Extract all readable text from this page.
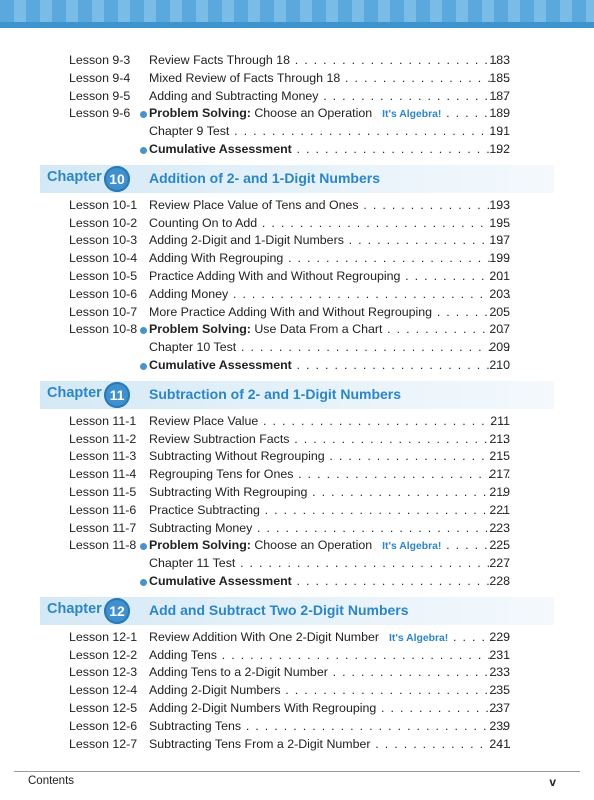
Lesson 9-3 Review Facts Through 18 . . .	183
Lesson 9-4 Mixed Review of Facts Through 18 . . .	185
Lesson 9-5 Adding and Subtracting Money . . .	187
Lesson 9-6 Problem Solving: Choose an Operation It's Algebra! . . .	189
Chapter 9 Test . . .	191
Cumulative Assessment . . .	192
Chapter 10	Addition of 2- and 1-Digit Numbers
Lesson 10-1 Review Place Value of Tens and Ones . . .	193
Lesson 10-2 Counting On to Add . . .	195
Lesson 10-3 Adding 2-Digit and 1-Digit Numbers . . .	197
Lesson 10-4 Adding With Regrouping . . .	199
Lesson 10-5 Practice Adding With and Without Regrouping . . .	201
Lesson 10-6 Adding Money . . .	203
Lesson 10-7 More Practice Adding With and Without Regrouping . . .	205
Lesson 10-8 Problem Solving: Use Data From a Chart . . .	207
Chapter 10 Test . . .	209
Cumulative Assessment . . .	210
Chapter 11	Subtraction of 2- and 1-Digit Numbers
Lesson 11-1 Review Place Value . . .	211
Lesson 11-2 Review Subtraction Facts . . .	213
Lesson 11-3 Subtracting Without Regrouping . . .	215
Lesson 11-4 Regrouping Tens for Ones . . .	217
Lesson 11-5 Subtracting With Regrouping . . .	219
Lesson 11-6 Practice Subtracting . . .	221
Lesson 11-7 Subtracting Money . . .	223
Lesson 11-8 Problem Solving: Choose an Operation It's Algebra! . . .	225
Chapter 11 Test . . .	227
Cumulative Assessment . . .	228
Chapter 12	Add and Subtract Two 2-Digit Numbers
Lesson 12-1 Review Addition With One 2-Digit Number It's Algebra! . . .	229
Lesson 12-2 Adding Tens . . .	231
Lesson 12-3 Adding Tens to a 2-Digit Number . . .	233
Lesson 12-4 Adding 2-Digit Numbers . . .	235
Lesson 12-5 Adding 2-Digit Numbers With Regrouping . . .	237
Lesson 12-6 Subtracting Tens . . .	239
Lesson 12-7 Subtracting Tens From a 2-Digit Number . . .	241
Contents	v
